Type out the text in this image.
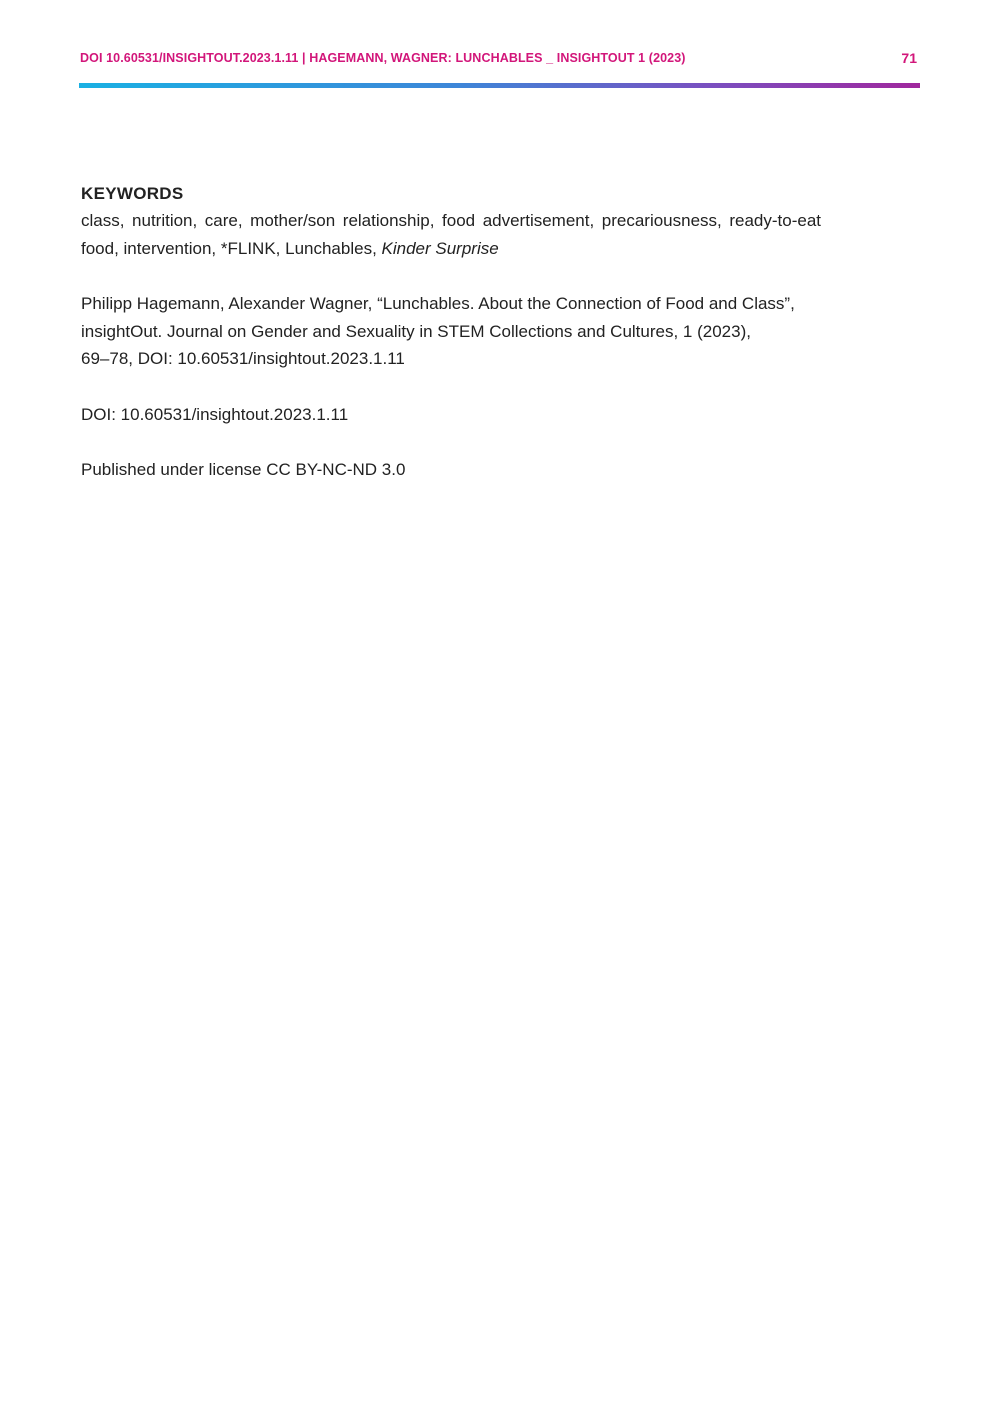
DOI 10.60531/INSIGHTOUT.2023.1.11 | HAGEMANN, WAGNER: LUNCHABLES _ INSIGHTOUT 1 (2023)	71
KEYWORDS

class, nutrition, care, mother/son relationship, food advertisement, precariousness, ready-to-eat food, intervention, *FLINK, Lunchables, Kinder Surprise

Philipp Hagemann, Alexander Wagner, “Lunchables. About the Connection of Food and Class”,
insightOut. Journal on Gender and Sexuality in STEM Collections and Cultures, 1 (2023),
69–78, DOI: 10.60531/insightout.2023.1.11

DOI: 10.60531/insightout.2023.1.11

Published under license CC BY-NC-ND 3.0
